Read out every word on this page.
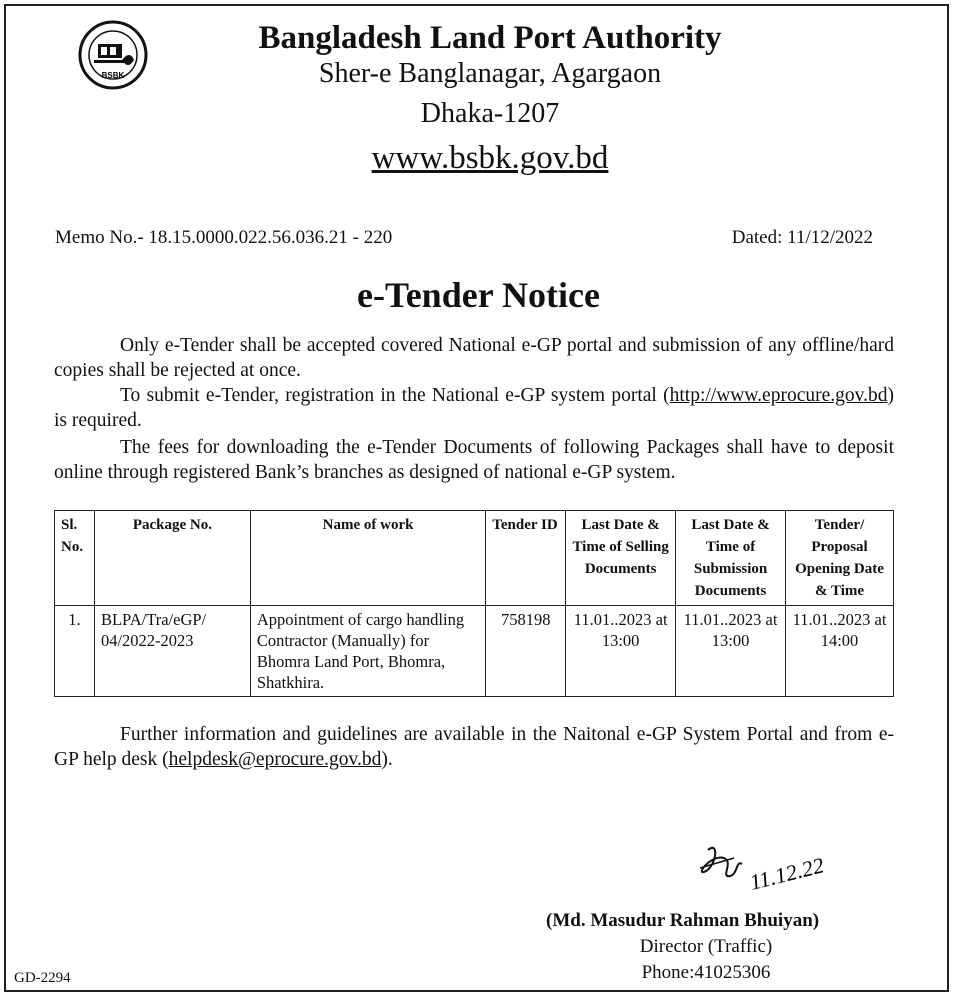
BSBK
Bangladesh Land Port Authority
Sher-e Banglanagar, Agargaon
Dhaka-1207
www.bsbk.gov.bd
Memo No.- 18.15.0000.022.56.036.21 - 220	Dated: 11/12/2022
e-Tender Notice
Only e-Tender shall be accepted covered National e-GP portal and submission of any offline/hard copies shall be rejected at once.
To submit e-Tender, registration in the National e-GP system portal (http://www.eprocure.gov.bd) is required.
The fees for downloading the e-Tender Documents of following Packages shall have to deposit online through registered Bank’s branches as designed of national e-GP system.
Sl. No.	Package No.	Name of work	Tender ID	Last Date & Time of Selling Documents	Last Date & Time of Submission Documents	Tender/ Proposal Opening Date & Time
1.	BLPA/Tra/eGP/ 04/2022-2023	Appointment of cargo handling Contractor (Manually) for Bhomra Land Port, Bhomra, Shatkhira.	758198	11.01..2023 at 13:00	11.01..2023 at 13:00	11.01..2023 at 14:00
Further information and guidelines are available in the Naitonal e-GP System Portal and from e-GP help desk (helpdesk@eprocure.gov.bd).
11.12.22
(Md. Masudur Rahman Bhuiyan)
Director (Traffic)
Phone:41025306
GD-2294
